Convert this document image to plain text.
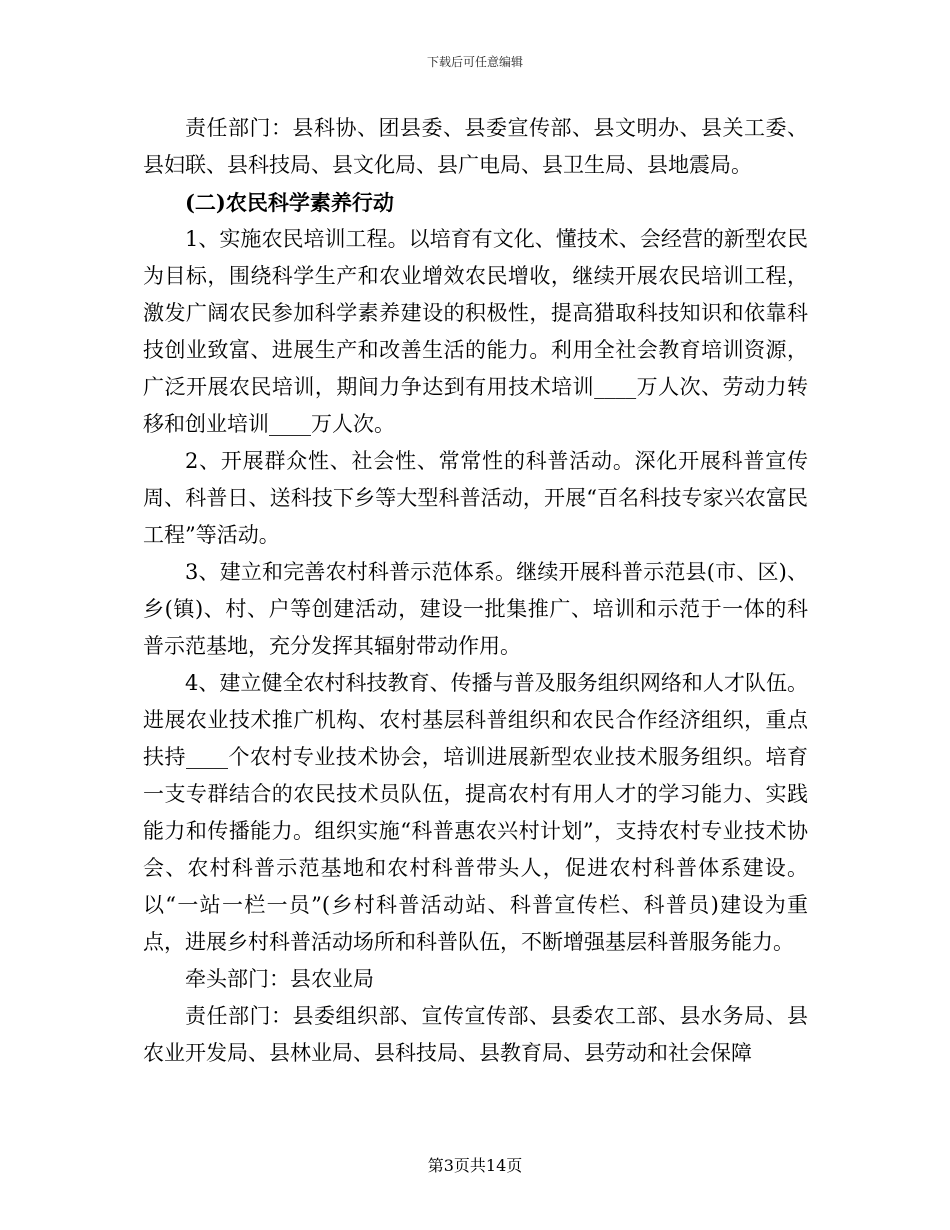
下载后可任意编辑

责任部门：县科协、团县委、县委宣传部、县文明办、县关工委、县妇联、县科技局、县文化局、县广电局、县卫生局、县地震局。

(二)农民科学素养行动

1、实施农民培训工程。以培育有文化、懂技术、会经营的新型农民为目标，围绕科学生产和农业增效农民增收，继续开展农民培训工程，激发广阔农民参加科学素养建设的积极性，提高猎取科技知识和依靠科技创业致富、进展生产和改善生活的能力。利用全社会教育培训资源，广泛开展农民培训，期间力争达到有用技术培训____万人次、劳动力转移和创业培训____万人次。

2、开展群众性、社会性、常常性的科普活动。深化开展科普宣传周、科普日、送科技下乡等大型科普活动，开展“百名科技专家兴农富民工程”等活动。

3、建立和完善农村科普示范体系。继续开展科普示范县(市、区)、乡(镇)、村、户等创建活动，建设一批集推广、培训和示范于一体的科普示范基地，充分发挥其辐射带动作用。

4、建立健全农村科技教育、传播与普及服务组织网络和人才队伍。进展农业技术推广机构、农村基层科普组织和农民合作经济组织，重点扶持____个农村专业技术协会，培训进展新型农业技术服务组织。培育一支专群结合的农民技术员队伍，提高农村有用人才的学习能力、实践能力和传播能力。组织实施“科普惠农兴村计划”，支持农村专业技术协会、农村科普示范基地和农村科普带头人，促进农村科普体系建设。以“一站一栏一员”(乡村科普活动站、科普宣传栏、科普员)建设为重点，进展乡村科普活动场所和科普队伍，不断增强基层科普服务能力。

牵头部门：县农业局

责任部门：县委组织部、宣传宣传部、县委农工部、县水务局、县农业开发局、县林业局、县科技局、县教育局、县劳动和社会保障

第3页共14页
